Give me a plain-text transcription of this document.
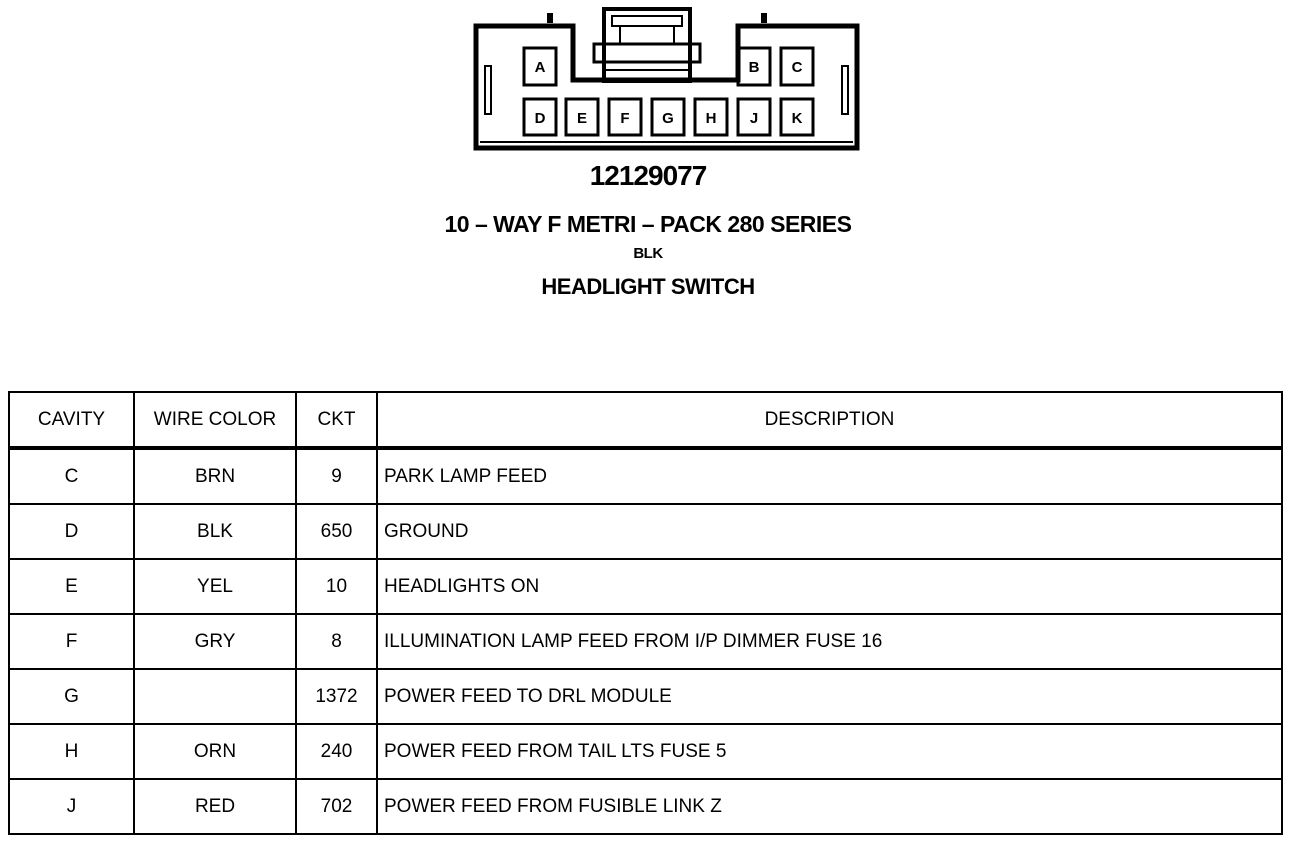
A	B C
D E F G H J K
12129077
10 – WAY F METRI – PACK 280 SERIES
BLK
HEADLIGHT SWITCH
CAVITY	WIRE COLOR	CKT	DESCRIPTION
C	BRN	9	PARK LAMP FEED
D	BLK	650	GROUND
E	YEL	10	HEADLIGHTS ON
F	GRY	8	ILLUMINATION LAMP FEED FROM I/P DIMMER FUSE 16
G		1372	POWER FEED TO DRL MODULE
H	ORN	240	POWER FEED FROM TAIL LTS FUSE 5
J	RED	702	POWER FEED FROM FUSIBLE LINK Z
